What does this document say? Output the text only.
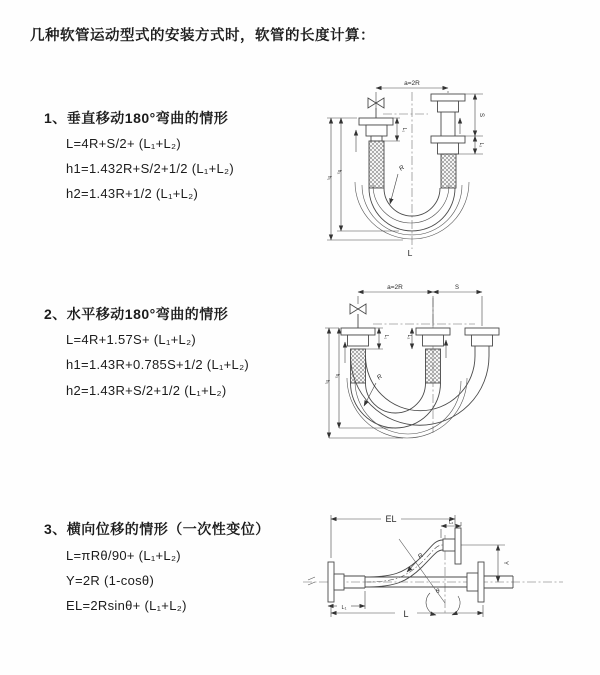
几种软管运动型式的安装方式时，软管的长度计算：
1、垂直移动180°弯曲的情形
L=4R+S/2+ (L₁+L₂)
h1=1.432R+S/2+1/2 (L₁+L₂)
h2=1.43R+1/2 (L₁+L₂)
2、水平移动180°弯曲的情形
L=4R+1.57S+ (L₁+L₂)
h1=1.43R+0.785S+1/2 (L₁+L₂)
h2=1.43R+S/2+1/2 (L₁+L₂)
3、横向位移的情形（一次性变位）
L=πRθ/90+ (L₁+L₂)
Y=2R (1-cosθ)
EL=2Rsinθ+ (L₁+L₂)
a=2R
S
L₂
h₁
h₂
L₁
R
L
a=2R	S
h₁
h₂
L₁	L₂
R
EL	L₂
Y
θ
R
L₁
L
